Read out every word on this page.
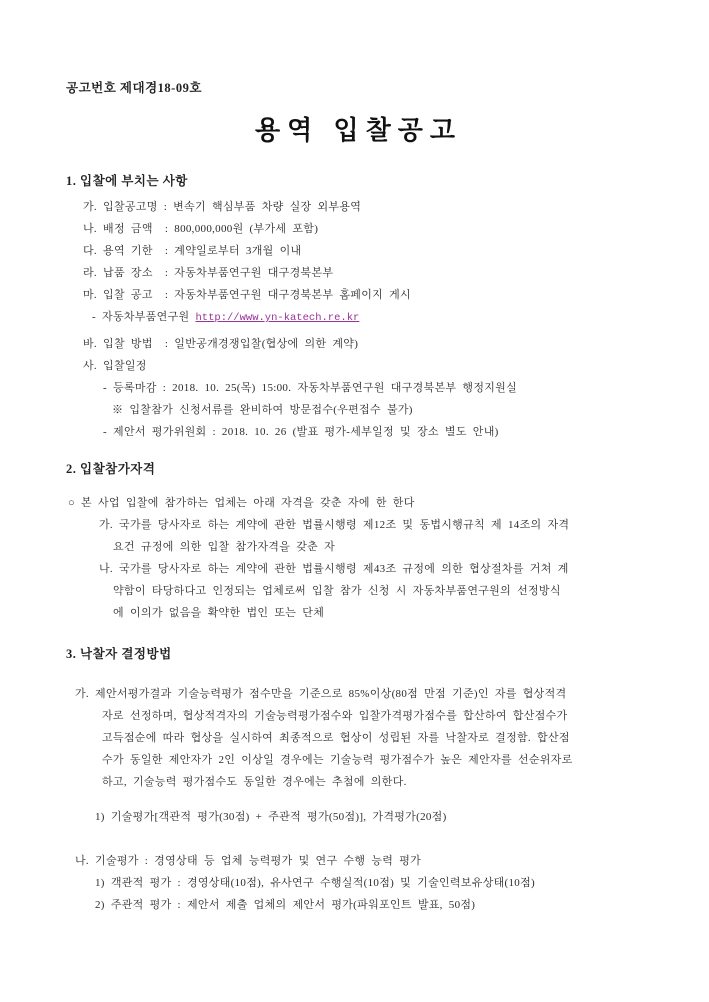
공고번호 제대경18-09호
용역 입찰공고
1. 입찰에 부치는 사항
가. 입찰공고명 : 변속기 핵심부품 차량 실장 외부용역
나. 배정 금액  : 800,000,000원 (부가세 포함)
다. 용역 기한  : 계약일로부터 3개월 이내
라. 납품 장소  : 자동차부품연구원 대구경북본부
마. 입찰 공고  : 자동차부품연구원 대구경북본부 홈페이지 게시
- 자동차부품연구원 http://www.yn-katech.re.kr
바. 입찰 방법  : 일반공개경쟁입찰(협상에 의한 계약)
사. 입찰일정
- 등록마감 : 2018. 10. 25(목) 15:00. 자동차부품연구원 대구경북본부 행정지원실
※ 입찰참가 신청서류를 완비하여 방문접수(우편접수 불가)
- 제안서 평가위원회 : 2018. 10. 26 (발표 평가-세부일정 및 장소 별도 안내)
2. 입찰참가자격
○ 본 사업 입찰에 참가하는 업체는 아래 자격을 갖춘 자에 한 한다
가. 국가를 당사자로 하는 계약에 관한 법률시행령 제12조 및 동법시행규칙 제 14조의 자격
요건 규정에 의한 입찰 참가자격을 갖춘 자
나. 국가를 당사자로 하는 계약에 관한 법률시행령 제43조 규정에 의한 협상절차를 거쳐 계
약함이 타당하다고 인정되는 업체로써 입찰 참가 신청 시 자동차부품연구원의 선정방식
에 이의가 없음을 확약한 법인 또는 단체
3. 낙찰자 결정방법
가. 제안서평가결과 기술능력평가 점수만을 기준으로 85%이상(80점 만점 기준)인 자를 협상적격
자로 선정하며, 협상적격자의 기술능력평가점수와 입찰가격평가점수를 합산하여 합산점수가
고득점순에 따라 협상을 실시하여 최종적으로 협상이 성립된 자를 낙찰자로 결정함. 합산점
수가 동일한 제안자가 2인 이상일 경우에는 기술능력 평가점수가 높은 제안자를 선순위자로
하고, 기술능력 평가점수도 동일한 경우에는 추첨에 의한다.
1) 기술평가[객관적 평가(30점) + 주관적 평가(50점)], 가격평가(20점)
나. 기술평가 : 경영상태 등 업체 능력평가 및 연구 수행 능력 평가
1) 객관적 평가 : 경영상태(10점), 유사연구 수행실적(10점) 및 기술인력보유상태(10점)
2) 주관적 평가 : 제안서 제출 업체의 제안서 평가(파워포인트 발표, 50점)
